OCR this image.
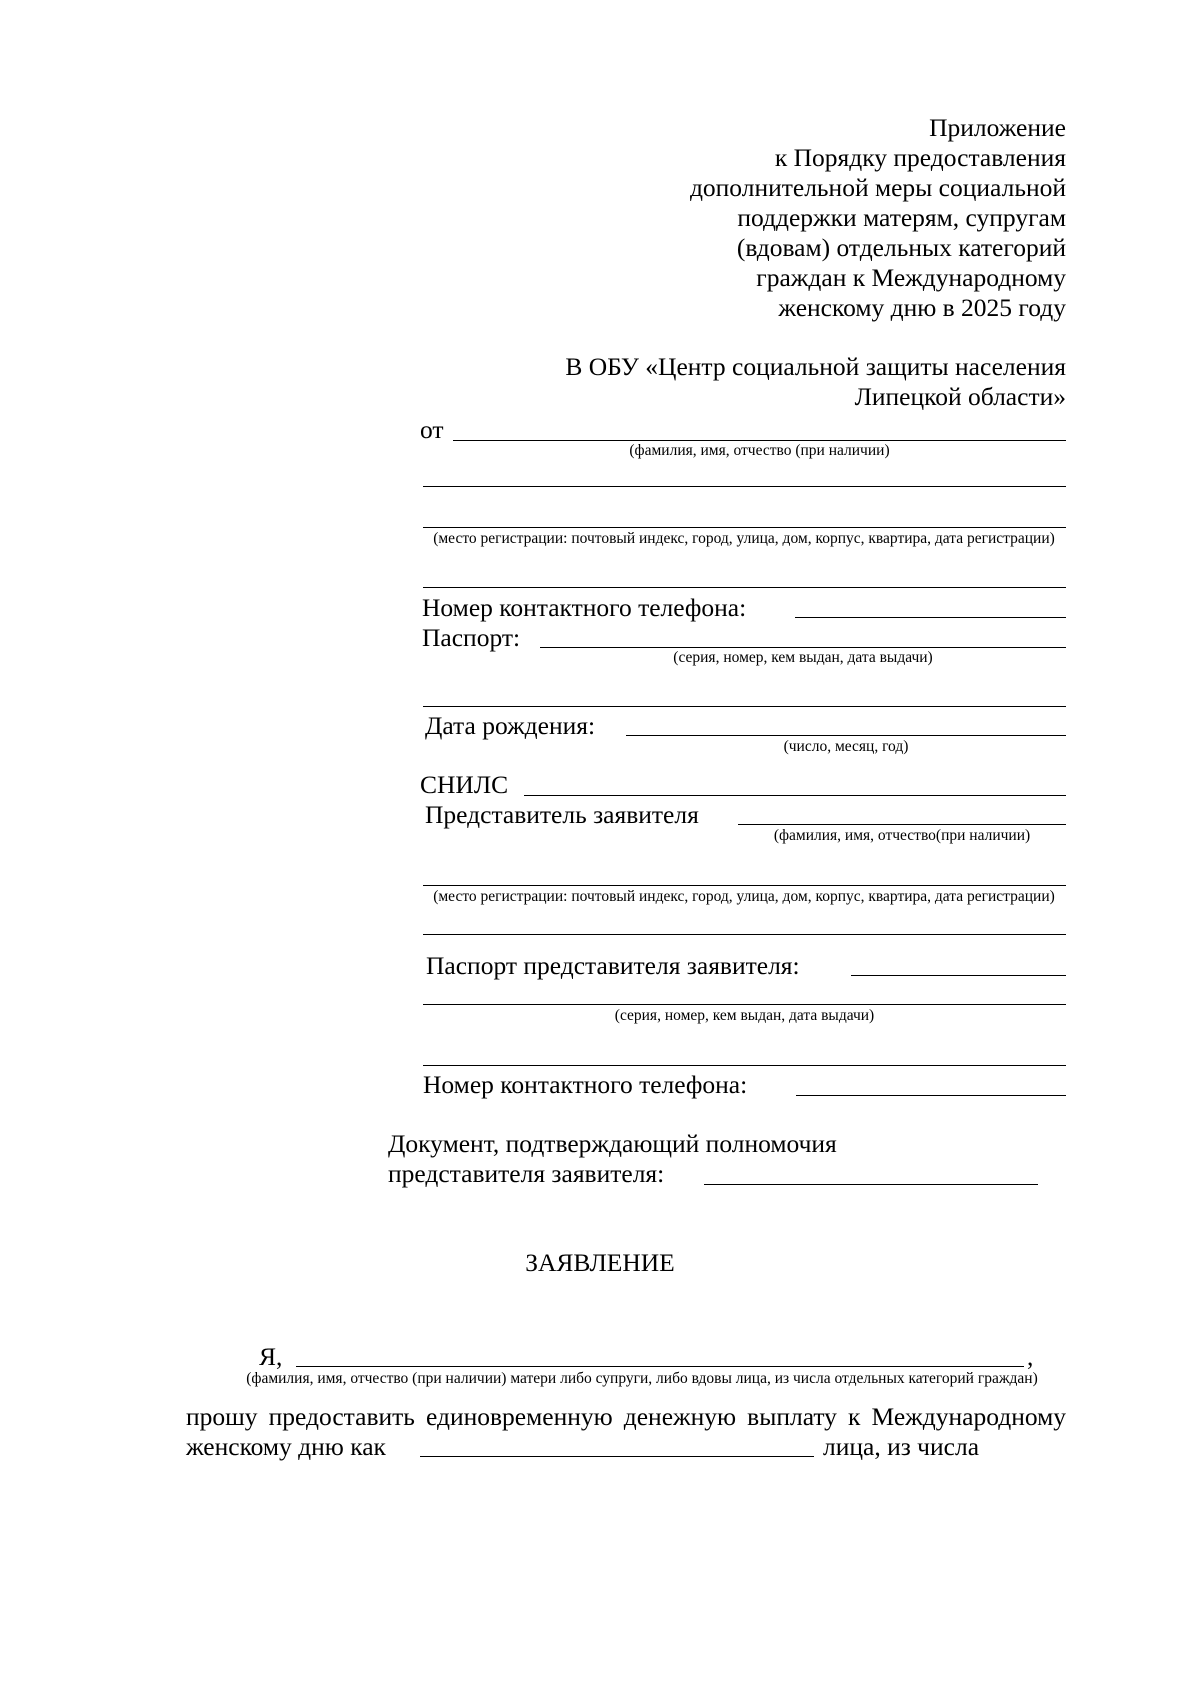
Приложение
к Порядку предоставления
дополнительной меры социальной
поддержки матерям, супругам
(вдовам) отдельных категорий
граждан к Международному
женскому дню в 2025 году
В ОБУ «Центр социальной защиты населения
Липецкой области»
от
(фамилия, имя, отчество (при наличии)
(место регистрации: почтовый индекс, город, улица, дом, корпус, квартира, дата регистрации)
Номер контактного телефона:
Паспорт:
(серия, номер, кем выдан, дата выдачи)
Дата рождения:
(число, месяц, год)
СНИЛС
Представитель заявителя
(фамилия, имя, отчество(при наличии)
(место регистрации: почтовый индекс, город, улица, дом, корпус, квартира, дата регистрации)
Паспорт представителя заявителя:
(серия, номер, кем выдан, дата выдачи)
Номер контактного телефона:
Документ, подтверждающий полномочия
представителя заявителя:
ЗАЯВЛЕНИЕ
Я,	,
(фамилия, имя, отчество (при наличии) матери либо супруги, либо вдовы лица, из числа отдельных категорий граждан)
прошу предоставить единовременную денежную выплату к Международному
женскому дню как	лица, из числа
